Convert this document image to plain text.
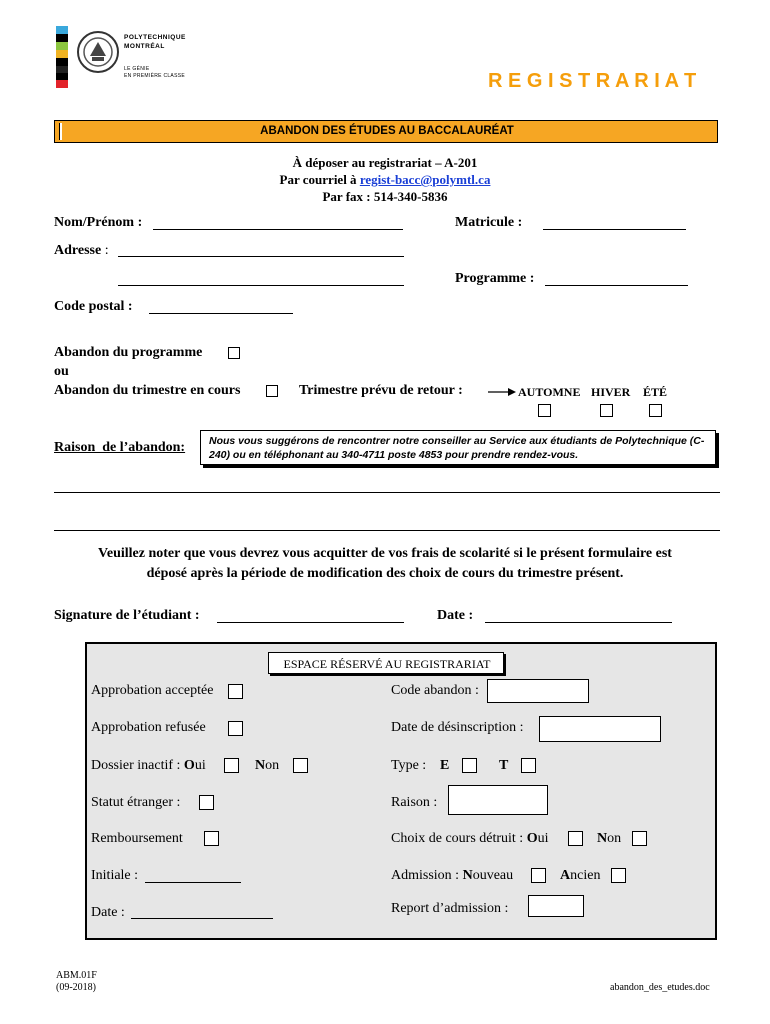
POLYTECHNIQUE
MONTRÉAL
LE GÉNIE
EN PREMIÈRE CLASSE	R E G I S T R A R I A T
ABANDON DES ÉTUDES AU BACCALAURÉAT
À déposer au registrariat – A-201
Par courriel à regist-bacc@polymtl.ca
Par fax : 514-340-5836
Nom/Prénom :	Matricule :
Adresse :
Programme :
Code postal :
Abandon du programme
ou
Abandon du trimestre en cours	Trimestre prévu de retour :	AUTOMNE HIVER ÉTÉ
Raison  de l’abandon: Nous vous suggérons de rencontrer notre conseiller au Service aux étudiants de Polytechnique (C-240) ou en téléphonant au 340-4711 poste 4853 pour prendre rendez-vous.
Veuillez noter que vous devrez vous acquitter de vos frais de scolarité si le présent formulaire est
déposé après la période de modification des choix de cours du trimestre présent.
Signature de l’étudiant :	Date :
ESPACE RÉSERVÉ AU REGISTRARIAT
Approbation acceptée
Approbation refusée
Dossier inactif : Oui	Non
Statut étranger :
Remboursement
Initiale :
Date :
Code abandon :
Date de désinscription :
Type : E	T
Raison :
Choix de cours détruit : Oui	Non
Admission : Nouveau	Ancien
Report d’admission :
ABM.01F
(09-2018)	abandon_des_etudes.doc
